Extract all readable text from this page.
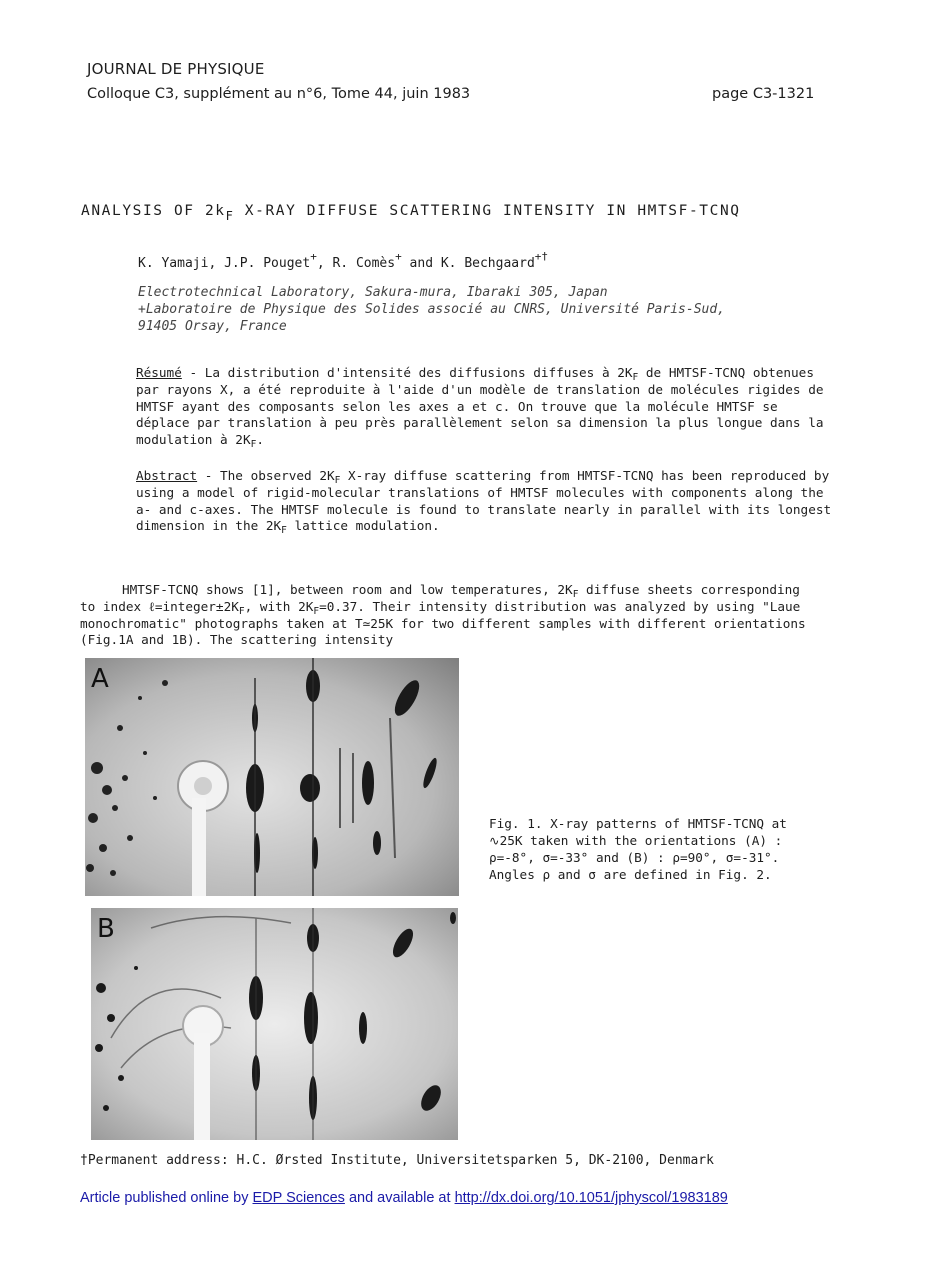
JOURNAL DE PHYSIQUE
Colloque C3, supplément au n°6, Tome 44, juin 1983	page C3-1321
ANALYSIS OF $2k_F$ X-RAY DIFFUSE SCATTERING INTENSITY IN HMTSF-TCNQ
K. Yamaji, J.P. Pouget+, R. Comès+ and K. Bechgaard+†
Electrotechnical Laboratory, Sakura-mura, Ibaraki 305, Japan
+Laboratoire de Physique des Solides associé au CNRS, Université Paris-Sud,
91405 Orsay, France
Résumé - La distribution d'intensité des diffusions diffuses à $2K_F$ de HMTSF-TCNQ obtenues par rayons X, a été reproduite à l'aide d'un modèle de translation de molécules rigides de HMTSF ayant des composants selon les axes a et c. On trouve que la molécule HMTSF se déplace par translation à peu près parallèlement selon sa dimension la plus longue dans la modulation à $2K_F$.
Abstract - The observed $2K_F$ X-ray diffuse scattering from HMTSF-TCNQ has been reproduced by using a model of rigid-molecular translations of HMTSF molecules with components along the a- and c-axes. The HMTSF molecule is found to translate nearly in parallel with its longest dimension in the $2K_F$ lattice modulation.
HMTSF-TCNQ shows [1], between room and low temperatures, $2K_F$ diffuse sheets corresponding to index $\ell=integer\pm 2K_F$, with $2K_F=0.37$. Their intensity distribution was analyzed by using "Laue monochromatic" photographs taken at T≃25K for two different samples with different orientations (Fig.1A and 1B). The scattering intensity
A
B
Fig. 1. X-ray patterns of HMTSF-TCNQ at ∿25K taken with the orientations (A) : ρ=-8°, σ=-33° and (B) : ρ=90°, σ=-31°. Angles ρ and σ are defined in Fig. 2.
†Permanent address: H.C. Ørsted Institute, Universitetsparken 5, DK-2100, Denmark
Article published online by EDP Sciences and available at http://dx.doi.org/10.1051/jphyscol/1983189
